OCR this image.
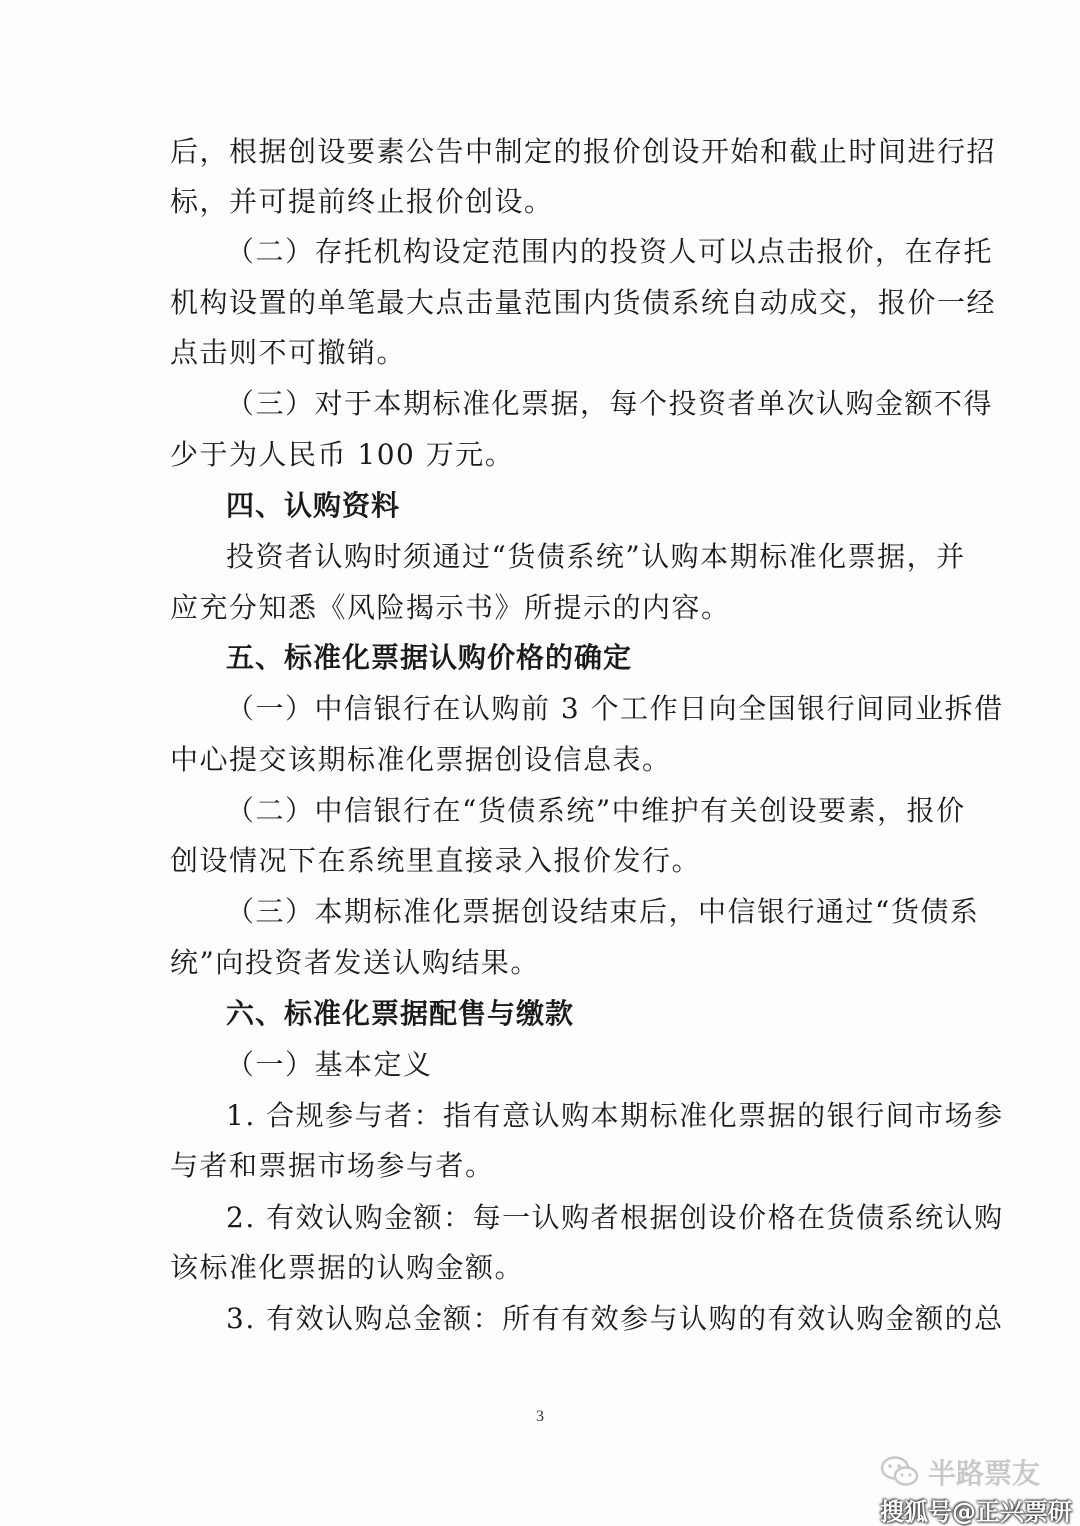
后，根据创设要素公告中制定的报价创设开始和截止时间进行招
标，并可提前终止报价创设。
（二）存托机构设定范围内的投资人可以点击报价，在存托
机构设置的单笔最大点击量范围内货债系统自动成交，报价一经
点击则不可撤销。
（三）对于本期标准化票据，每个投资者单次认购金额不得
少于为人民币 100 万元。
四、认购资料
投资者认购时须通过“货债系统”认购本期标准化票据，并
应充分知悉《风险揭示书》所提示的内容。
五、标准化票据认购价格的确定
（一）中信银行在认购前 3 个工作日向全国银行间同业拆借
中心提交该期标准化票据创设信息表。
（二）中信银行在“货债系统”中维护有关创设要素，报价
创设情况下在系统里直接录入报价发行。
（三）本期标准化票据创设结束后，中信银行通过“货债系
统”向投资者发送认购结果。
六、标准化票据配售与缴款
（一）基本定义
1. 合规参与者：指有意认购本期标准化票据的银行间市场参
与者和票据市场参与者。
2. 有效认购金额：每一认购者根据创设价格在货债系统认购
该标准化票据的认购金额。
3. 有效认购总金额：所有有效参与认购的有效认购金额的总
3
半路票友
搜狐号@正兴票研
